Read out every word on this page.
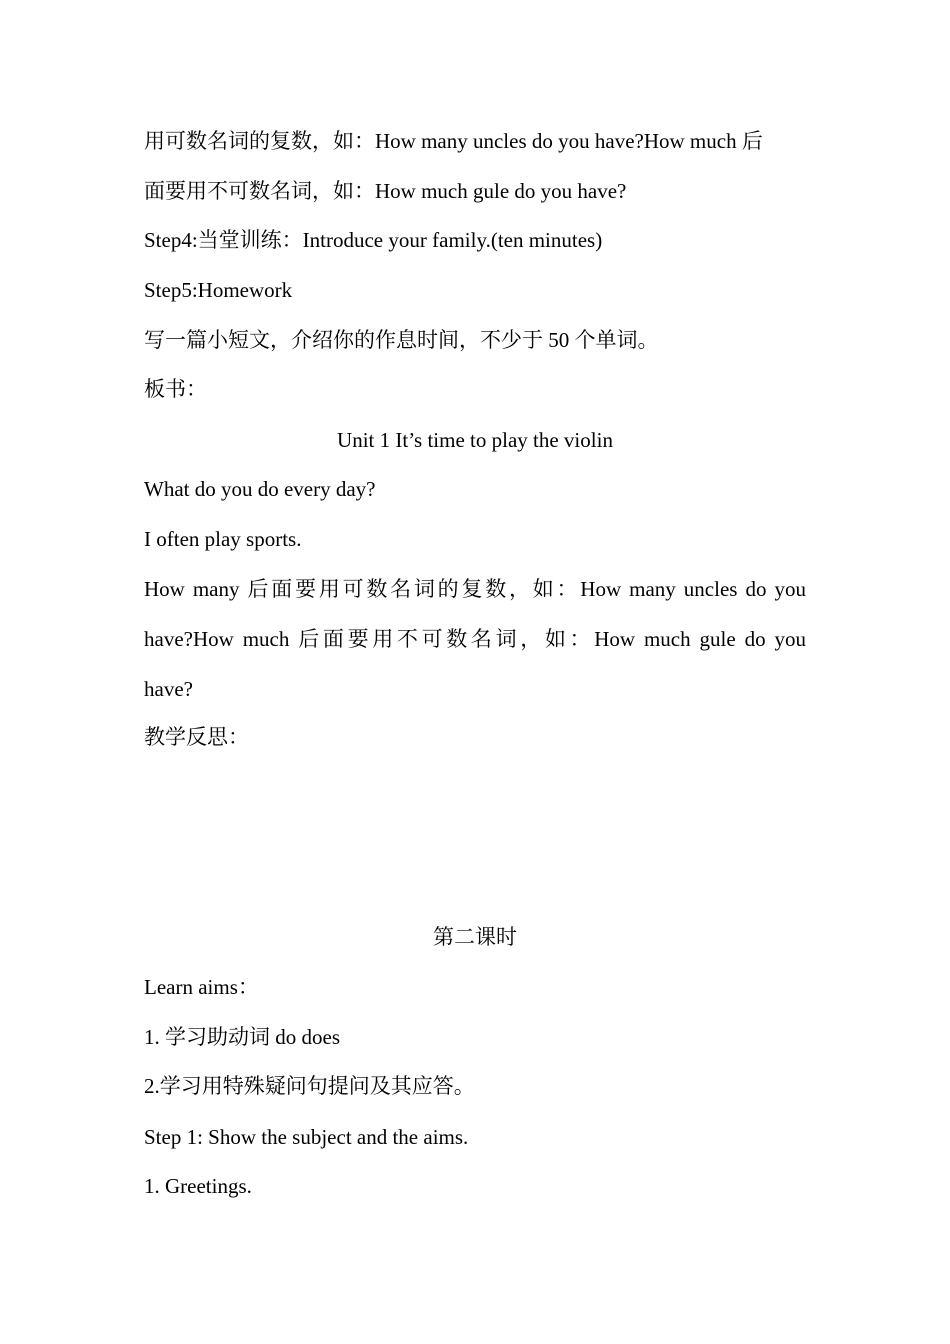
用可数名词的复数，如：How many uncles do you have?How much 后
面要用不可数名词，如：How much gule do you have?
Step4:当堂训练：Introduce your family.(ten minutes)
Step5:Homework
写一篇小短文，介绍你的作息时间，不少于 50 个单词。
板书：
Unit 1 It’s time to play the violin
What do you do every day?
I often play sports.
How many 后面要用可数名词的复数，如：How many uncles do you
have?How much 后面要用不可数名词，如：How much gule do you
have?
教学反思：
第二课时
Learn aims：
1. 学习助动词 do does
2.学习用特殊疑问句提问及其应答。
Step 1: Show the subject and the aims.
1. Greetings.
